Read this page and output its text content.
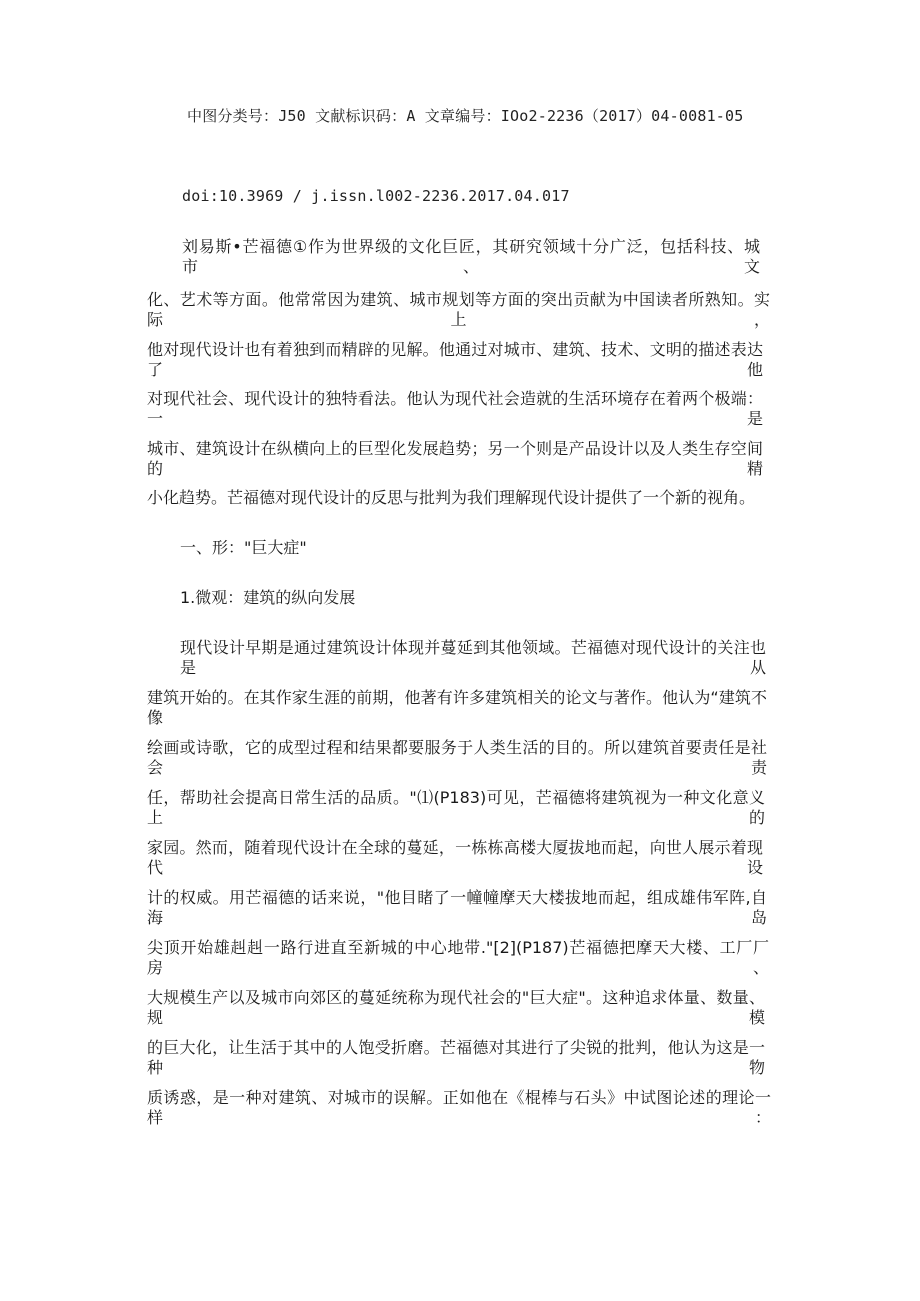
中图分类号：J50 文献标识码：A 文章编号：IOo2-2236（2017）04-0081-05
doi:10.3969 / j.issn.l002-2236.2017.04.017
刘易斯•芒福德①作为世界级的文化巨匠，其研究领域十分广泛，包括科技、城市、文
化、艺术等方面。他常常因为建筑、城市规划等方面的突出贡献为中国读者所熟知。实际上，
他对现代设计也有着独到而精辟的见解。他通过对城市、建筑、技术、文明的描述表达了他
对现代社会、现代设计的独特看法。他认为现代社会造就的生活环境存在着两个极端：一是
城市、建筑设计在纵横向上的巨型化发展趋势；另一个则是产品设计以及人类生存空间的精
小化趋势。芒福德对现代设计的反思与批判为我们理解现代设计提供了一个新的视角。
一、形："巨大症"
1.微观：建筑的纵向发展
现代设计早期是通过建筑设计体现并蔓延到其他领域。芒福德对现代设计的关注也是从
建筑开始的。在其作家生涯的前期，他著有许多建筑相关的论文与著作。他认为“建筑不像
绘画或诗歌，它的成型过程和结果都要服务于人类生活的目的。所以建筑首要责任是社会责
任，帮助社会提高日常生活的品质。"⑴(P183)可见，芒福德将建筑视为一种文化意义上的
家园。然而，随着现代设计在全球的蔓延，一栋栋高楼大厦拔地而起，向世人展示着现代设
计的权威。用芒福德的话来说，"他目睹了一幢幢摩天大楼拔地而起，组成雄伟军阵,自海岛
尖顶开始雄赳赳一路行进直至新城的中心地带."[2](P187)芒福德把摩天大楼、工厂厂房、
大规模生产以及城市向郊区的蔓延统称为现代社会的"巨大症"。这种追求体量、数量、规模
的巨大化，让生活于其中的人饱受折磨。芒福德对其进行了尖锐的批判，他认为这是一种物
质诱惑，是一种对建筑、对城市的误解。正如他在《棍棒与石头》中试图论述的理论一样：
